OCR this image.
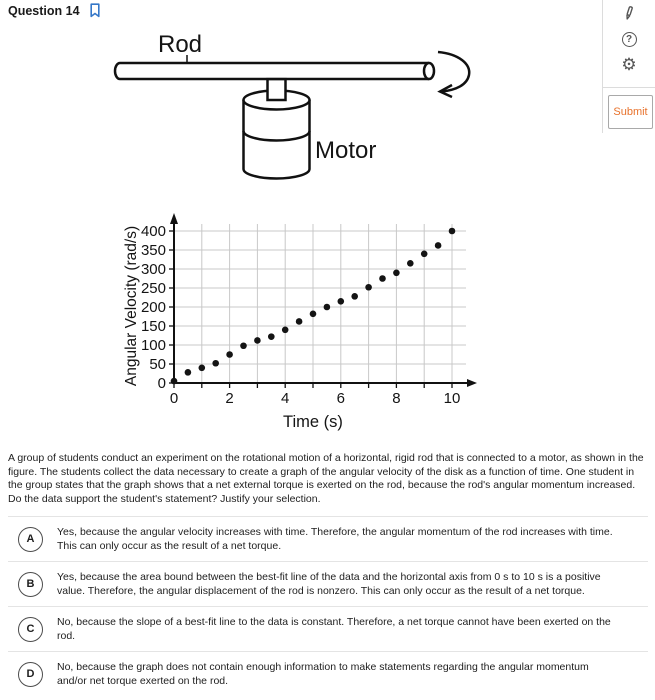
Question 14
?
⚙
Submit
Rod
Motor
0	2	4	6	8	10
0
50
100
150
200
250
300
350
400
Time (s)
Angular Velocity (rad/s)

A group of students conduct an experiment on the rotational motion of a horizontal, rigid rod that is connected to a motor, as shown in the figure. The students collect the data necessary to create a graph of the angular velocity of the disk as a function of time. One student in the group states that the graph shows that a net external torque is exerted on the rod, because the rod's angular momentum increased. Do the data support the student's statement? Justify your selection.

A
Yes, because the angular velocity increases with time. Therefore, the angular momentum of the rod increases with time. This can only occur as the result of a net torque.
B
Yes, because the area bound between the best-fit line of the data and the horizontal axis from 0 s to 10 s is a positive value. Therefore, the angular displacement of the rod is nonzero. This can only occur as the result of a net torque.
C
No, because the slope of a best-fit line to the data is constant. Therefore, a net torque cannot have been exerted on the rod.
D
No, because the graph does not contain enough information to make statements regarding the angular momentum and/or net torque exerted on the rod.
